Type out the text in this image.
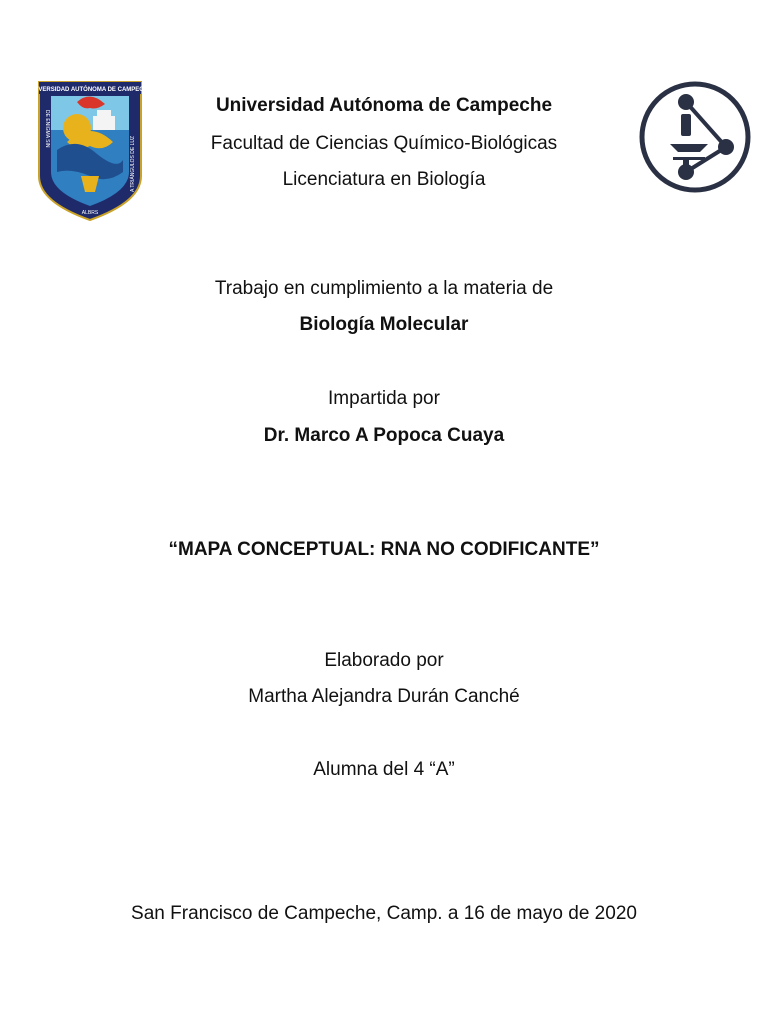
UNIVERSIDAD AUTÓNOMA DE CAMPECHE
DE ENIGMA SIN
A TRIÁNGULOS DE LUZ
ALBRS
Universidad Autónoma de Campeche
Facultad de Ciencias Químico-Biológicas
Licenciatura en Biología
Trabajo en cumplimiento a la materia de
Biología Molecular
Impartida por
Dr. Marco A Popoca Cuaya
“MAPA CONCEPTUAL: RNA NO CODIFICANTE”
Elaborado por
Martha Alejandra Durán Canché
Alumna del 4 “A”
San Francisco de Campeche, Camp. a 16 de mayo de 2020
